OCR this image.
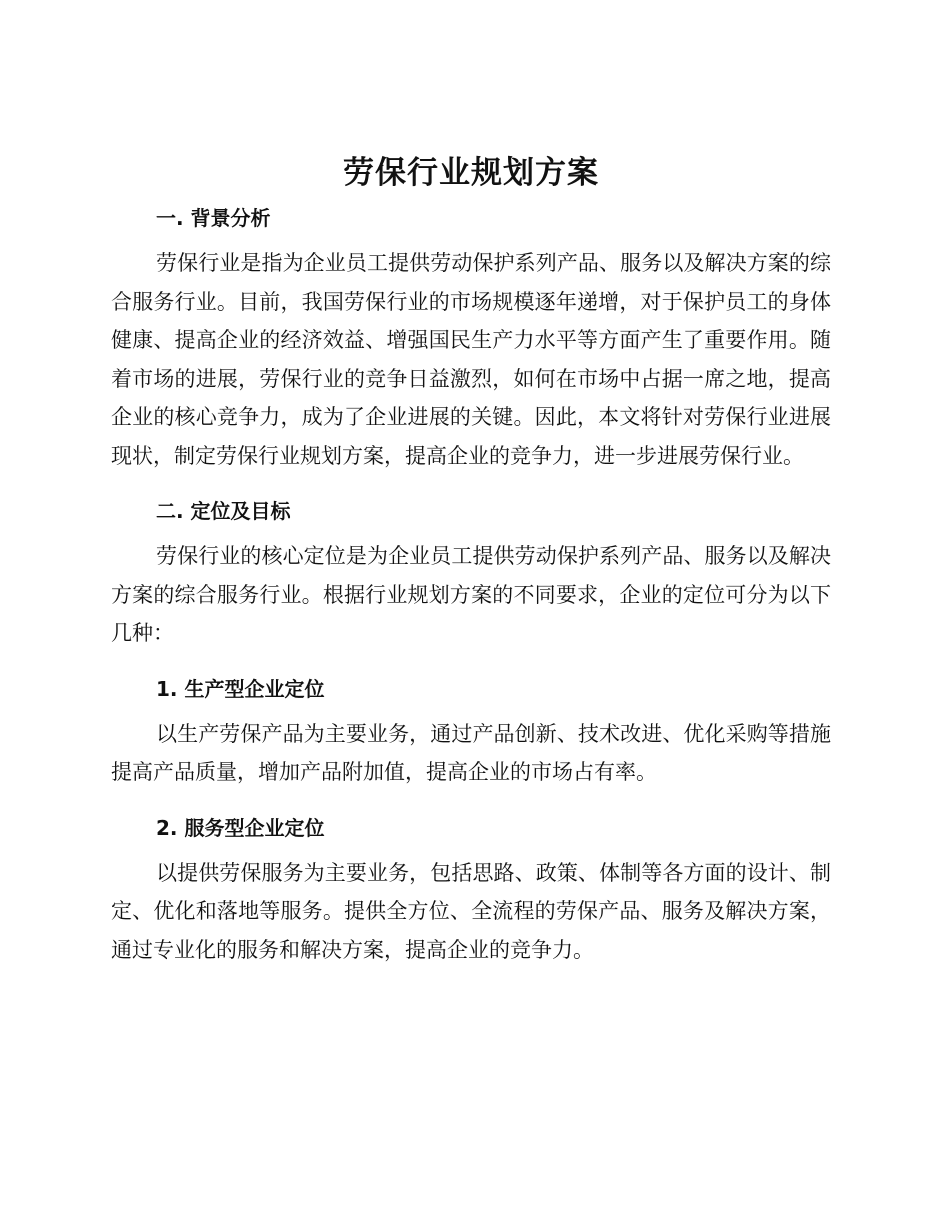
劳保行业规划方案
一. 背景分析

劳保行业是指为企业员工提供劳动保护系列产品、服务以及解决方案的综合服务行业。目前，我国劳保行业的市场规模逐年递增，对于保护员工的身体健康、提高企业的经济效益、增强国民生产力水平等方面产生了重要作用。随着市场的进展，劳保行业的竞争日益激烈，如何在市场中占据一席之地，提高企业的核心竞争力，成为了企业进展的关键。因此，本文将针对劳保行业进展现状，制定劳保行业规划方案，提高企业的竞争力，进一步进展劳保行业。

二. 定位及目标

劳保行业的核心定位是为企业员工提供劳动保护系列产品、服务以及解决方案的综合服务行业。根据行业规划方案的不同要求，企业的定位可分为以下几种：

1. 生产型企业定位

以生产劳保产品为主要业务，通过产品创新、技术改进、优化采购等措施提高产品质量，增加产品附加值，提高企业的市场占有率。

2. 服务型企业定位

以提供劳保服务为主要业务，包括思路、政策、体制等各方面的设计、制定、优化和落地等服务。提供全方位、全流程的劳保产品、服务及解决方案，通过专业化的服务和解决方案，提高企业的竞争力。
